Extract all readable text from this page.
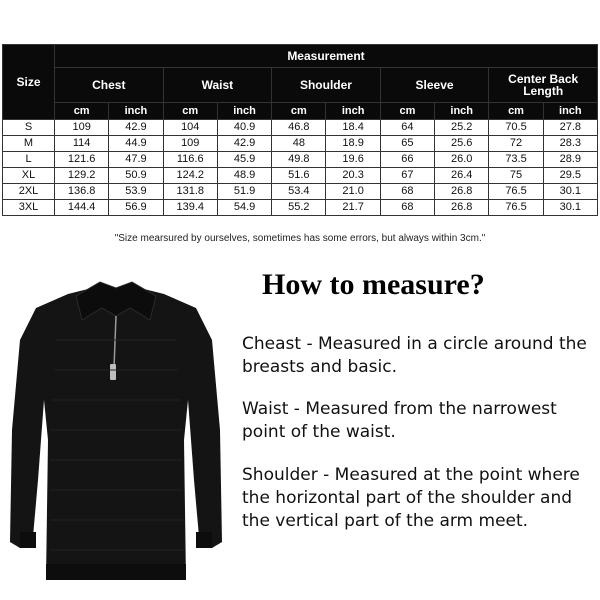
Size	Measurement									
	Chest		Waist		Shoulder		Sleeve		Center Back Length	
	cm	inch	cm	inch	cm	inch	cm	inch	cm	inch
S	109	42.9	104	40.9	46.8	18.4	64	25.2	70.5	27.8
M	114	44.9	109	42.9	48	18.9	65	25.6	72	28.3
L	121.6	47.9	116.6	45.9	49.8	19.6	66	26.0	73.5	28.9
XL	129.2	50.9	124.2	48.9	51.6	20.3	67	26.4	75	29.5
2XL	136.8	53.9	131.8	51.9	53.4	21.0	68	26.8	76.5	30.1
3XL	144.4	56.9	139.4	54.9	55.2	21.7	68	26.8	76.5	30.1
"Size mearsured by ourselves, sometimes has some errors, but always within 3cm."
How to measure?
Cheast - Measured in a circle around the breasts and basic.
Waist - Measured from the narrowest point of the waist.
Shoulder - Measured at the point where the horizontal part of the shoulder and the vertical part of the arm meet.
